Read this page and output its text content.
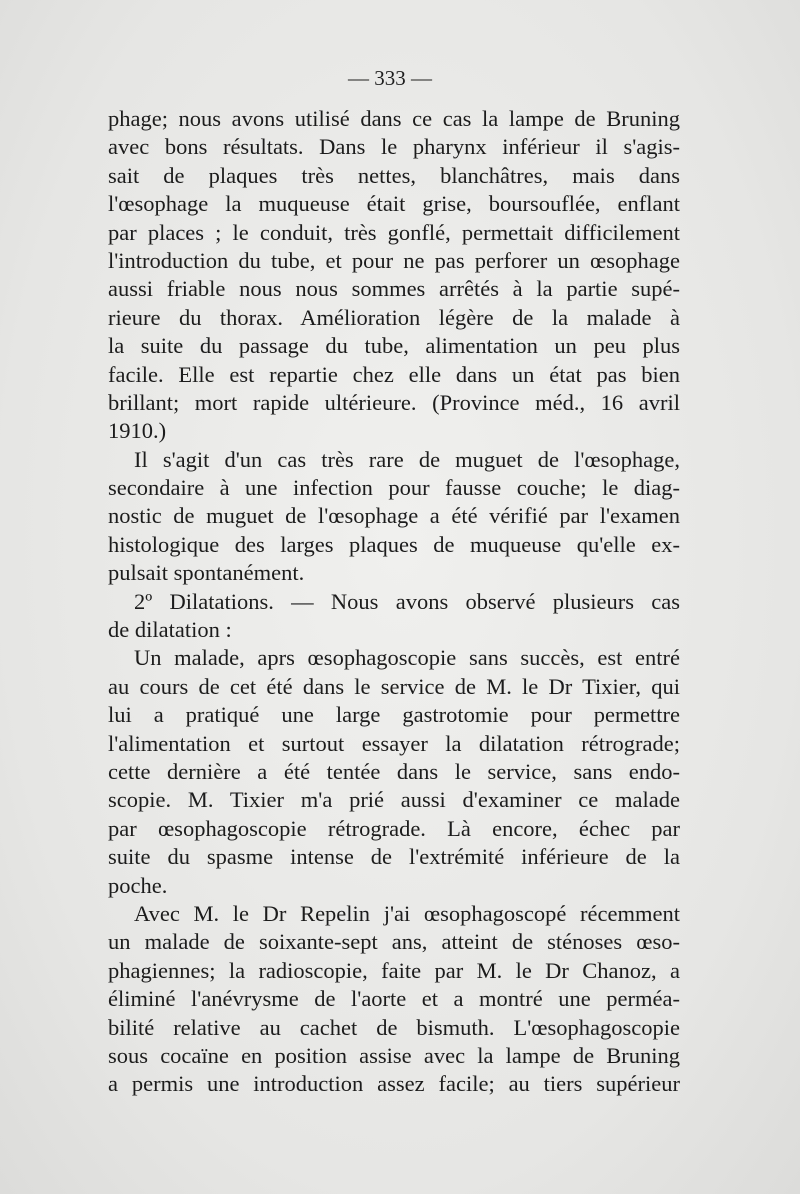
— 333 —
phage; nous avons utilisé dans ce cas la lampe de Bruning
avec bons résultats. Dans le pharynx inférieur il s'agis-
sait de plaques très nettes, blanchâtres, mais dans
l'œsophage la muqueuse était grise, boursouflée, enflant
par places ; le conduit, très gonflé, permettait difficilement
l'introduction du tube, et pour ne pas perforer un œsophage
aussi friable nous nous sommes arrêtés à la partie supé-
rieure du thorax. Amélioration légère de la malade à
la suite du passage du tube, alimentation un peu plus
facile. Elle est repartie chez elle dans un état pas bien
brillant; mort rapide ultérieure. (Province méd., 16 avril
1910.)
Il s'agit d'un cas très rare de muguet de l'œsophage,
secondaire à une infection pour fausse couche; le diag-
nostic de muguet de l'œsophage a été vérifié par l'examen
histologique des larges plaques de muqueuse qu'elle ex-
pulsait spontanément.
2º Dilatations. — Nous avons observé plusieurs cas
de dilatation :
Un malade, aprs œsophagoscopie sans succès, est entré
au cours de cet été dans le service de M. le Dr Tixier, qui
lui a pratiqué une large gastrotomie pour permettre
l'alimentation et surtout essayer la dilatation rétrograde;
cette dernière a été tentée dans le service, sans endo-
scopie. M. Tixier m'a prié aussi d'examiner ce malade
par œsophagoscopie rétrograde. Là encore, échec par
suite du spasme intense de l'extrémité inférieure de la
poche.
Avec M. le Dr Repelin j'ai œsophagoscopé récemment
un malade de soixante-sept ans, atteint de sténoses œso-
phagiennes; la radioscopie, faite par M. le Dr Chanoz, a
éliminé l'anévrysme de l'aorte et a montré une perméa-
bilité relative au cachet de bismuth. L'œsophagoscopie
sous cocaïne en position assise avec la lampe de Bruning
a permis une introduction assez facile; au tiers supérieur
